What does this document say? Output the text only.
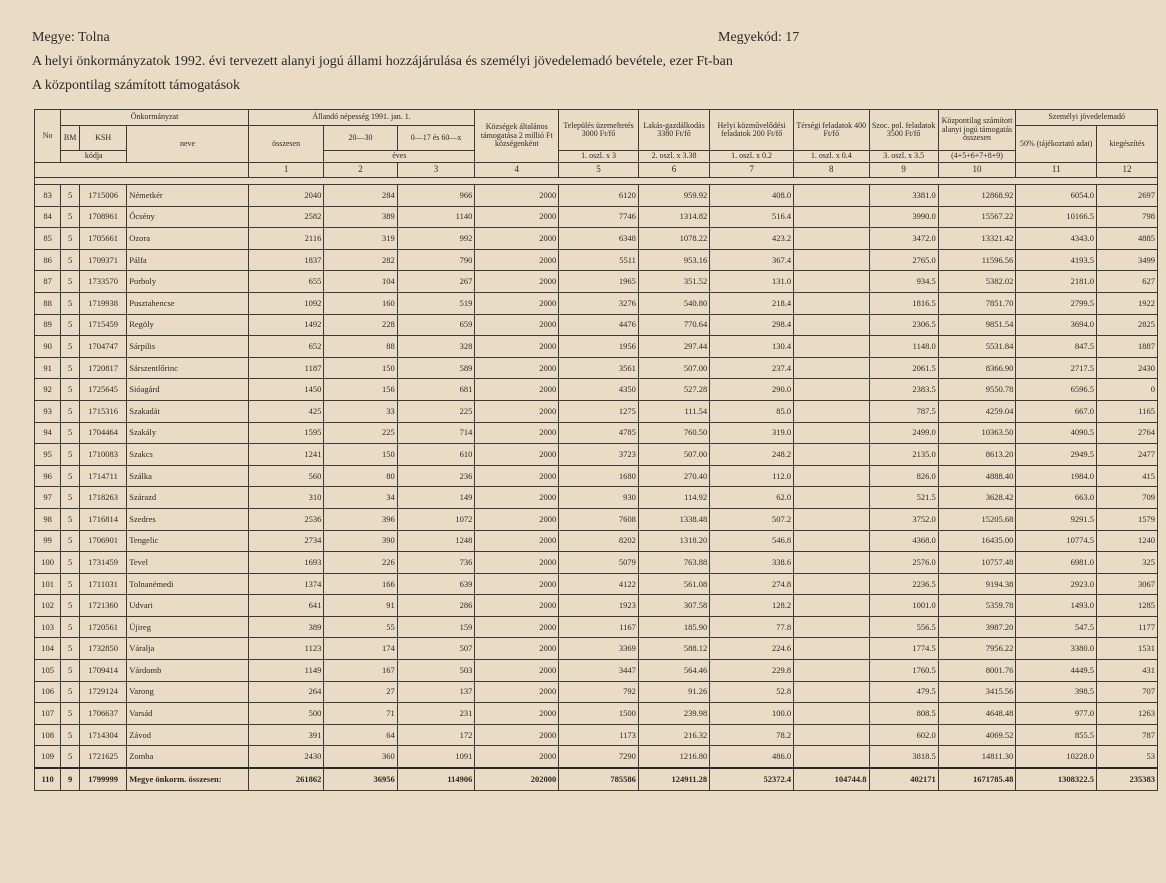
Megye: Tolna	Megyekód: 17
A helyi önkormányzatok 1992. évi tervezett alanyi jogú állami hozzájárulása és személyi jövedelemadó bevétele, ezer Ft-ban
A központilag számított támogatások
No	Önkormányzat			Állandó népesség 1991. jan. 1.			Községek általános támogatása 2 millió Ft községenként	Település üzemeltetés 3000 Ft/fő	Lakás-gazdálkodás 3380 Ft/fő	Helyi közművelődési feladatok 200 Ft/fő	Térségi feladatok 400 Ft/fő	Szoc. pol. feladatok 3500 Ft/fő	Központilag számított alanyi jogú támogatás összesen	Személyi jövedelemadó	
	BM	KSH	neve	összesen	20—30	0—17 és 60—x								50% (tájékoztató adat)	kiegészítés
	kódja				éves			1. oszl. x 3	2. oszl. x 3.38	1. oszl. x 0.2	1. oszl. x 0.4	3. oszl. x 3.5	(4+5+6+7+8+9)		
				1	2	3	4	5	6	7	8	9	10	11	12

83	5	1715006	Németkér	2040	284	966	2000	6120	959.92	408.0		3381.0	12868.92	6054.0	2697
84	5	1708961	Őcsény	2582	389	1140	2000	7746	1314.82	516.4		3990.0	15567.22	10166.5	798
85	5	1705661	Ozora	2116	319	992	2000	6348	1078.22	423.2		3472.0	13321.42	4343.0	4885
86	5	1709371	Pálfa	1837	282	790	2000	5511	953.16	367.4		2765.0	11596.56	4193.5	3499
87	5	1733570	Porboly	655	104	267	2000	1965	351.52	131.0		934.5	5382.02	2181.0	627
88	5	1719938	Pusztahencse	1092	160	519	2000	3276	540.80	218.4		1816.5	7851.70	2799.5	1922
89	5	1715459	Regöly	1492	228	659	2000	4476	770.64	298.4		2306.5	9851.54	3694.0	2825
90	5	1704747	Sárpilis	652	88	328	2000	1956	297.44	130.4		1148.0	5531.84	847.5	1887
91	5	1720817	Sárszentlőrinc	1187	150	589	2000	3561	507.00	237.4		2061.5	8366.90	2717.5	2430
92	5	1725645	Sióagárd	1450	156	681	2000	4350	527.28	290.0		2383.5	9550.78	6596.5	0
93	5	1715316	Szakadát	425	33	225	2000	1275	111.54	85.0		787.5	4259.04	667.0	1165
94	5	1704464	Szakály	1595	225	714	2000	4785	760.50	319.0		2499.0	10363.50	4090.5	2764
95	5	1710083	Szakcs	1241	150	610	2000	3723	507.00	248.2		2135.0	8613.20	2949.5	2477
96	5	1714711	Szálka	560	80	236	2000	1680	270.40	112.0		826.0	4888.40	1984.0	415
97	5	1718263	Szárazd	310	34	149	2000	930	114.92	62.0		521.5	3628.42	663.0	709
98	5	1716814	Szedres	2536	396	1072	2000	7608	1338.48	507.2		3752.0	15205.68	9291.5	1579
99	5	1706901	Tengelic	2734	390	1248	2000	8202	1318.20	546.8		4368.0	16435.00	10774.5	1240
100	5	1731459	Tevel	1693	226	736	2000	5079	763.88	338.6		2576.0	10757.48	6981.0	325
101	5	1711031	Tolnanémedi	1374	166	639	2000	4122	561.08	274.8		2236.5	9194.38	2923.0	3067
102	5	1721360	Udvari	641	91	286	2000	1923	307.58	128.2		1001.0	5359.78	1493.0	1285
103	5	1720561	Újireg	389	55	159	2000	1167	185.90	77.8		556.5	3987.20	547.5	1177
104	5	1732850	Váralja	1123	174	507	2000	3369	588.12	224.6		1774.5	7956.22	3380.0	1531
105	5	1709414	Várdomb	1149	167	503	2000	3447	564.46	229.8		1760.5	8001.76	4449.5	431
106	5	1729124	Varong	264	27	137	2000	792	91.26	52.8		479.5	3415.56	398.5	707
107	5	1706637	Varsád	500	71	231	2000	1500	239.98	100.0		808.5	4648.48	977.0	1263
108	5	1714304	Závod	391	64	172	2000	1173	216.32	78.2		602.0	4069.52	855.5	787
109	5	1721625	Zomba	2430	360	1091	2000	7290	1216.80	486.0		3818.5	14811.30	10228.0	53
110	9	1799999	Megye önkorm. összesen:	261862	36956	114906	202000	785586	124911.28	52372.4	104744.8	402171	1671785.48	1308322.5	235383
